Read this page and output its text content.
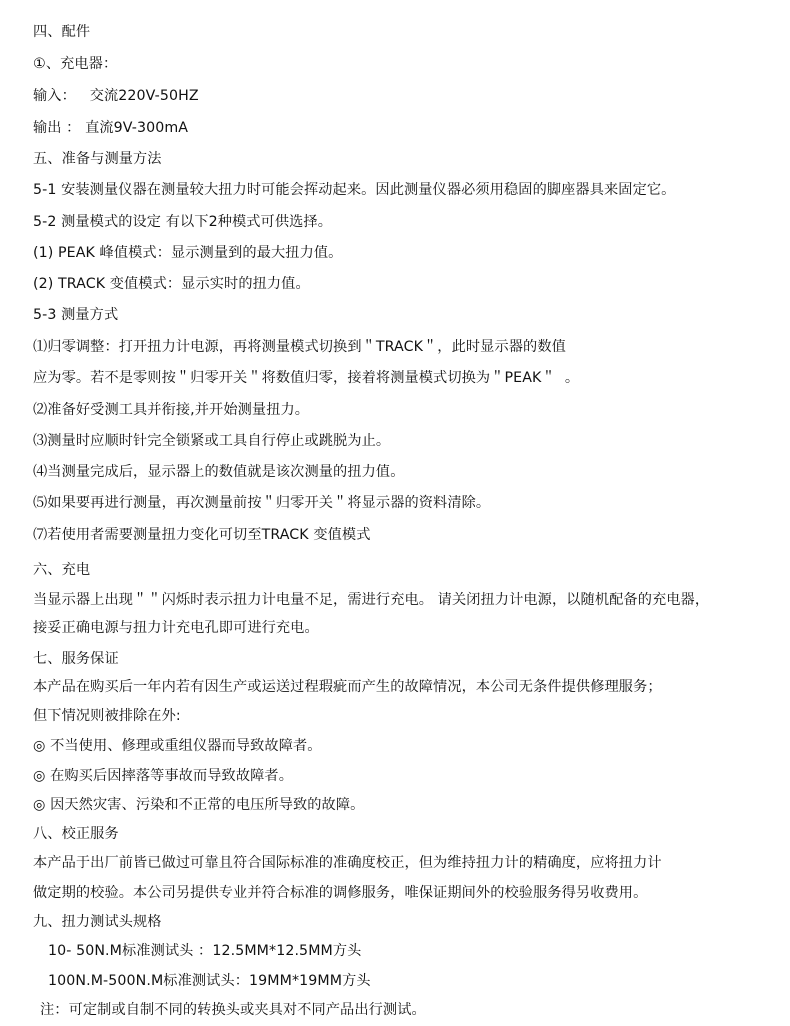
四、配件
①、充电器：
输入：   交流220V-50HZ
输出 ： 直流9V-300mA
五、准备与测量方法
5-1 安装测量仪器在测量较大扭力时可能会挥动起来。因此测量仪器必须用稳固的脚座器具来固定它。
5-2 测量模式的设定 有以下2种模式可供选择。
(1) PEAK 峰值模式：显示测量到的最大扭力值。
(2) TRACK 变值模式：显示实时的扭力值。
5-3 测量方式
⑴归零调整：打开扭力计电源，再将测量模式切换到＂TRACK＂，此时显示器的数值
应为零。若不是零则按＂归零开关＂将数值归零，接着将测量模式切换为＂PEAK＂  。
⑵准备好受测工具并衔接,并开始测量扭力。
⑶测量时应顺时针完全锁紧或工具自行停止或跳脱为止。
⑷当测量完成后，显示器上的数值就是该次测量的扭力值。
⑸如果要再进行测量，再次测量前按＂归零开关＂将显示器的资料清除。
⑺若使用者需要测量扭力变化可切至TRACK 变值模式
六、充电
当显示器上出现＂＂闪烁时表示扭力计电量不足，需进行充电。 请关闭扭力计电源，以随机配备的充电器，
接妥正确电源与扭力计充电孔即可进行充电。
七、服务保证
本产品在购买后一年内若有因生产或运送过程瑕疵而产生的故障情况，本公司无条件提供修理服务；
但下情况则被排除在外:
◎ 不当使用、修理或重组仪器而导致故障者。
◎ 在购买后因摔落等事故而导致故障者。
◎ 因天然灾害、污染和不正常的电压所导致的故障。
八、校正服务
本产品于出厂前皆已做过可靠且符合国际标准的准确度校正，但为维持扭力计的精确度，应将扭力计
做定期的校验。本公司另提供专业并符合标准的调修服务，唯保证期间外的校验服务得另收费用。
九、扭力测试头规格
10- 50N.M标准测试头 ：12.5MM*12.5MM方头
100N.M-500N.M标准测试头：19MM*19MM方头
注：可定制或自制不同的转换头或夹具对不同产品出行测试。
